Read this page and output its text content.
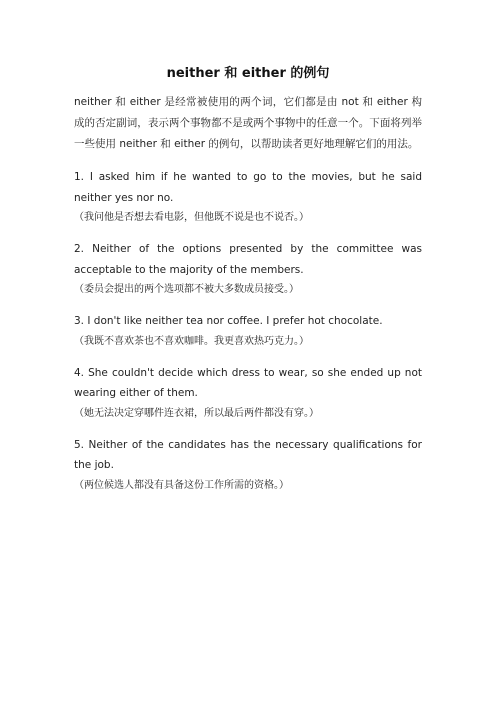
neither 和 either 的例句

neither 和 either 是经常被使用的两个词，它们都是由 not 和 either 构成的否定副词，表示两个事物都不是或两个事物中的任意一个。下面将列举一些使用 neither 和 either 的例句，以帮助读者更好地理解它们的用法。

1. I asked him if he wanted to go to the movies, but he said neither yes nor no.

（我问他是否想去看电影，但他既不说是也不说否。）

2. Neither of the options presented by the committee was acceptable to the majority of the members.

（委员会提出的两个选项都不被大多数成员接受。）

3. I don't like neither tea nor coffee. I prefer hot chocolate.

（我既不喜欢茶也不喜欢咖啡。我更喜欢热巧克力。）

4. She couldn't decide which dress to wear, so she ended up not wearing either of them.

（她无法决定穿哪件连衣裙，所以最后两件都没有穿。）

5. Neither of the candidates has the necessary qualifications for the job.

（两位候选人都没有具备这份工作所需的资格。）
